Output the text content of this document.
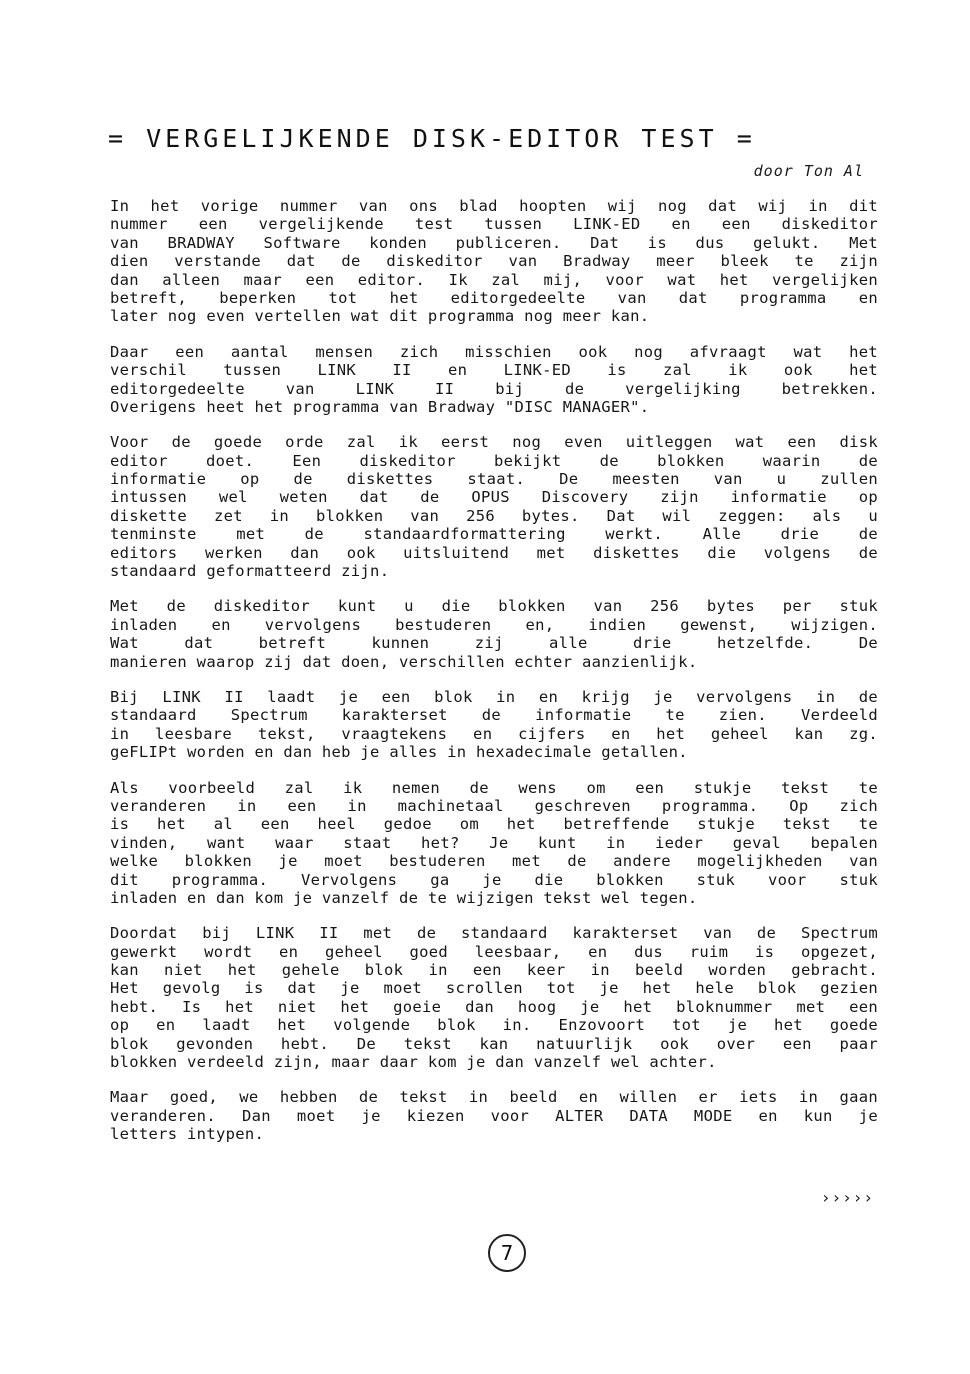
= VERGELIJKENDE DISK-EDITOR TEST =
door Ton Al
In het vorige nummer van ons blad hoopten wij nog dat wij in dit
nummer een vergelijkende test tussen LINK-ED en een diskeditor
van BRADWAY Software konden publiceren. Dat is dus gelukt. Met
dien verstande dat de diskeditor van Bradway meer bleek te zijn
dan alleen maar een editor. Ik zal mij, voor wat het vergelijken
betreft, beperken tot het editorgedeelte van dat programma en
later nog even vertellen wat dit programma nog meer kan.
Daar een aantal mensen zich misschien ook nog afvraagt wat het
verschil tussen LINK II en LINK-ED is zal ik ook het
editorgedeelte van LINK II bij de vergelijking betrekken.
Overigens heet het programma van Bradway "DISC MANAGER".
Voor de goede orde zal ik eerst nog even uitleggen wat een disk
editor doet. Een diskeditor bekijkt de blokken waarin de
informatie op de diskettes staat. De meesten van u zullen
intussen wel weten dat de OPUS Discovery zijn informatie op
diskette zet in blokken van 256 bytes. Dat wil zeggen: als u
tenminste met de standaardformattering werkt. Alle drie de
editors werken dan ook uitsluitend met diskettes die volgens de
standaard geformatteerd zijn.
Met de diskeditor kunt u die blokken van 256 bytes per stuk
inladen en vervolgens bestuderen en, indien gewenst, wijzigen.
Wat dat betreft kunnen zij alle drie hetzelfde. De
manieren waarop zij dat doen, verschillen echter aanzienlijk.
Bij LINK II laadt je een blok in en krijg je vervolgens in de
standaard Spectrum karakterset de informatie te zien. Verdeeld
in leesbare tekst, vraagtekens en cijfers en het geheel kan zg.
geFLIPt worden en dan heb je alles in hexadecimale getallen.
Als voorbeeld zal ik nemen de wens om een stukje tekst te
veranderen in een in machinetaal geschreven programma. Op zich
is het al een heel gedoe om het betreffende stukje tekst te
vinden, want waar staat het? Je kunt in ieder geval bepalen
welke blokken je moet bestuderen met de andere mogelijkheden van
dit programma. Vervolgens ga je die blokken stuk voor stuk
inladen en dan kom je vanzelf de te wijzigen tekst wel tegen.
Doordat bij LINK II met de standaard karakterset van de Spectrum
gewerkt wordt en geheel goed leesbaar, en dus ruim is opgezet,
kan niet het gehele blok in een keer in beeld worden gebracht.
Het gevolg is dat je moet scrollen tot je het hele blok gezien
hebt. Is het niet het goeie dan hoog je het bloknummer met een
op en laadt het volgende blok in. Enzovoort tot je het goede
blok gevonden hebt. De tekst kan natuurlijk ook over een paar
blokken verdeeld zijn, maar daar kom je dan vanzelf wel achter.
Maar goed, we hebben de tekst in beeld en willen er iets in gaan
veranderen. Dan moet je kiezen voor ALTER DATA MODE en kun je
letters intypen.
›››››
7
